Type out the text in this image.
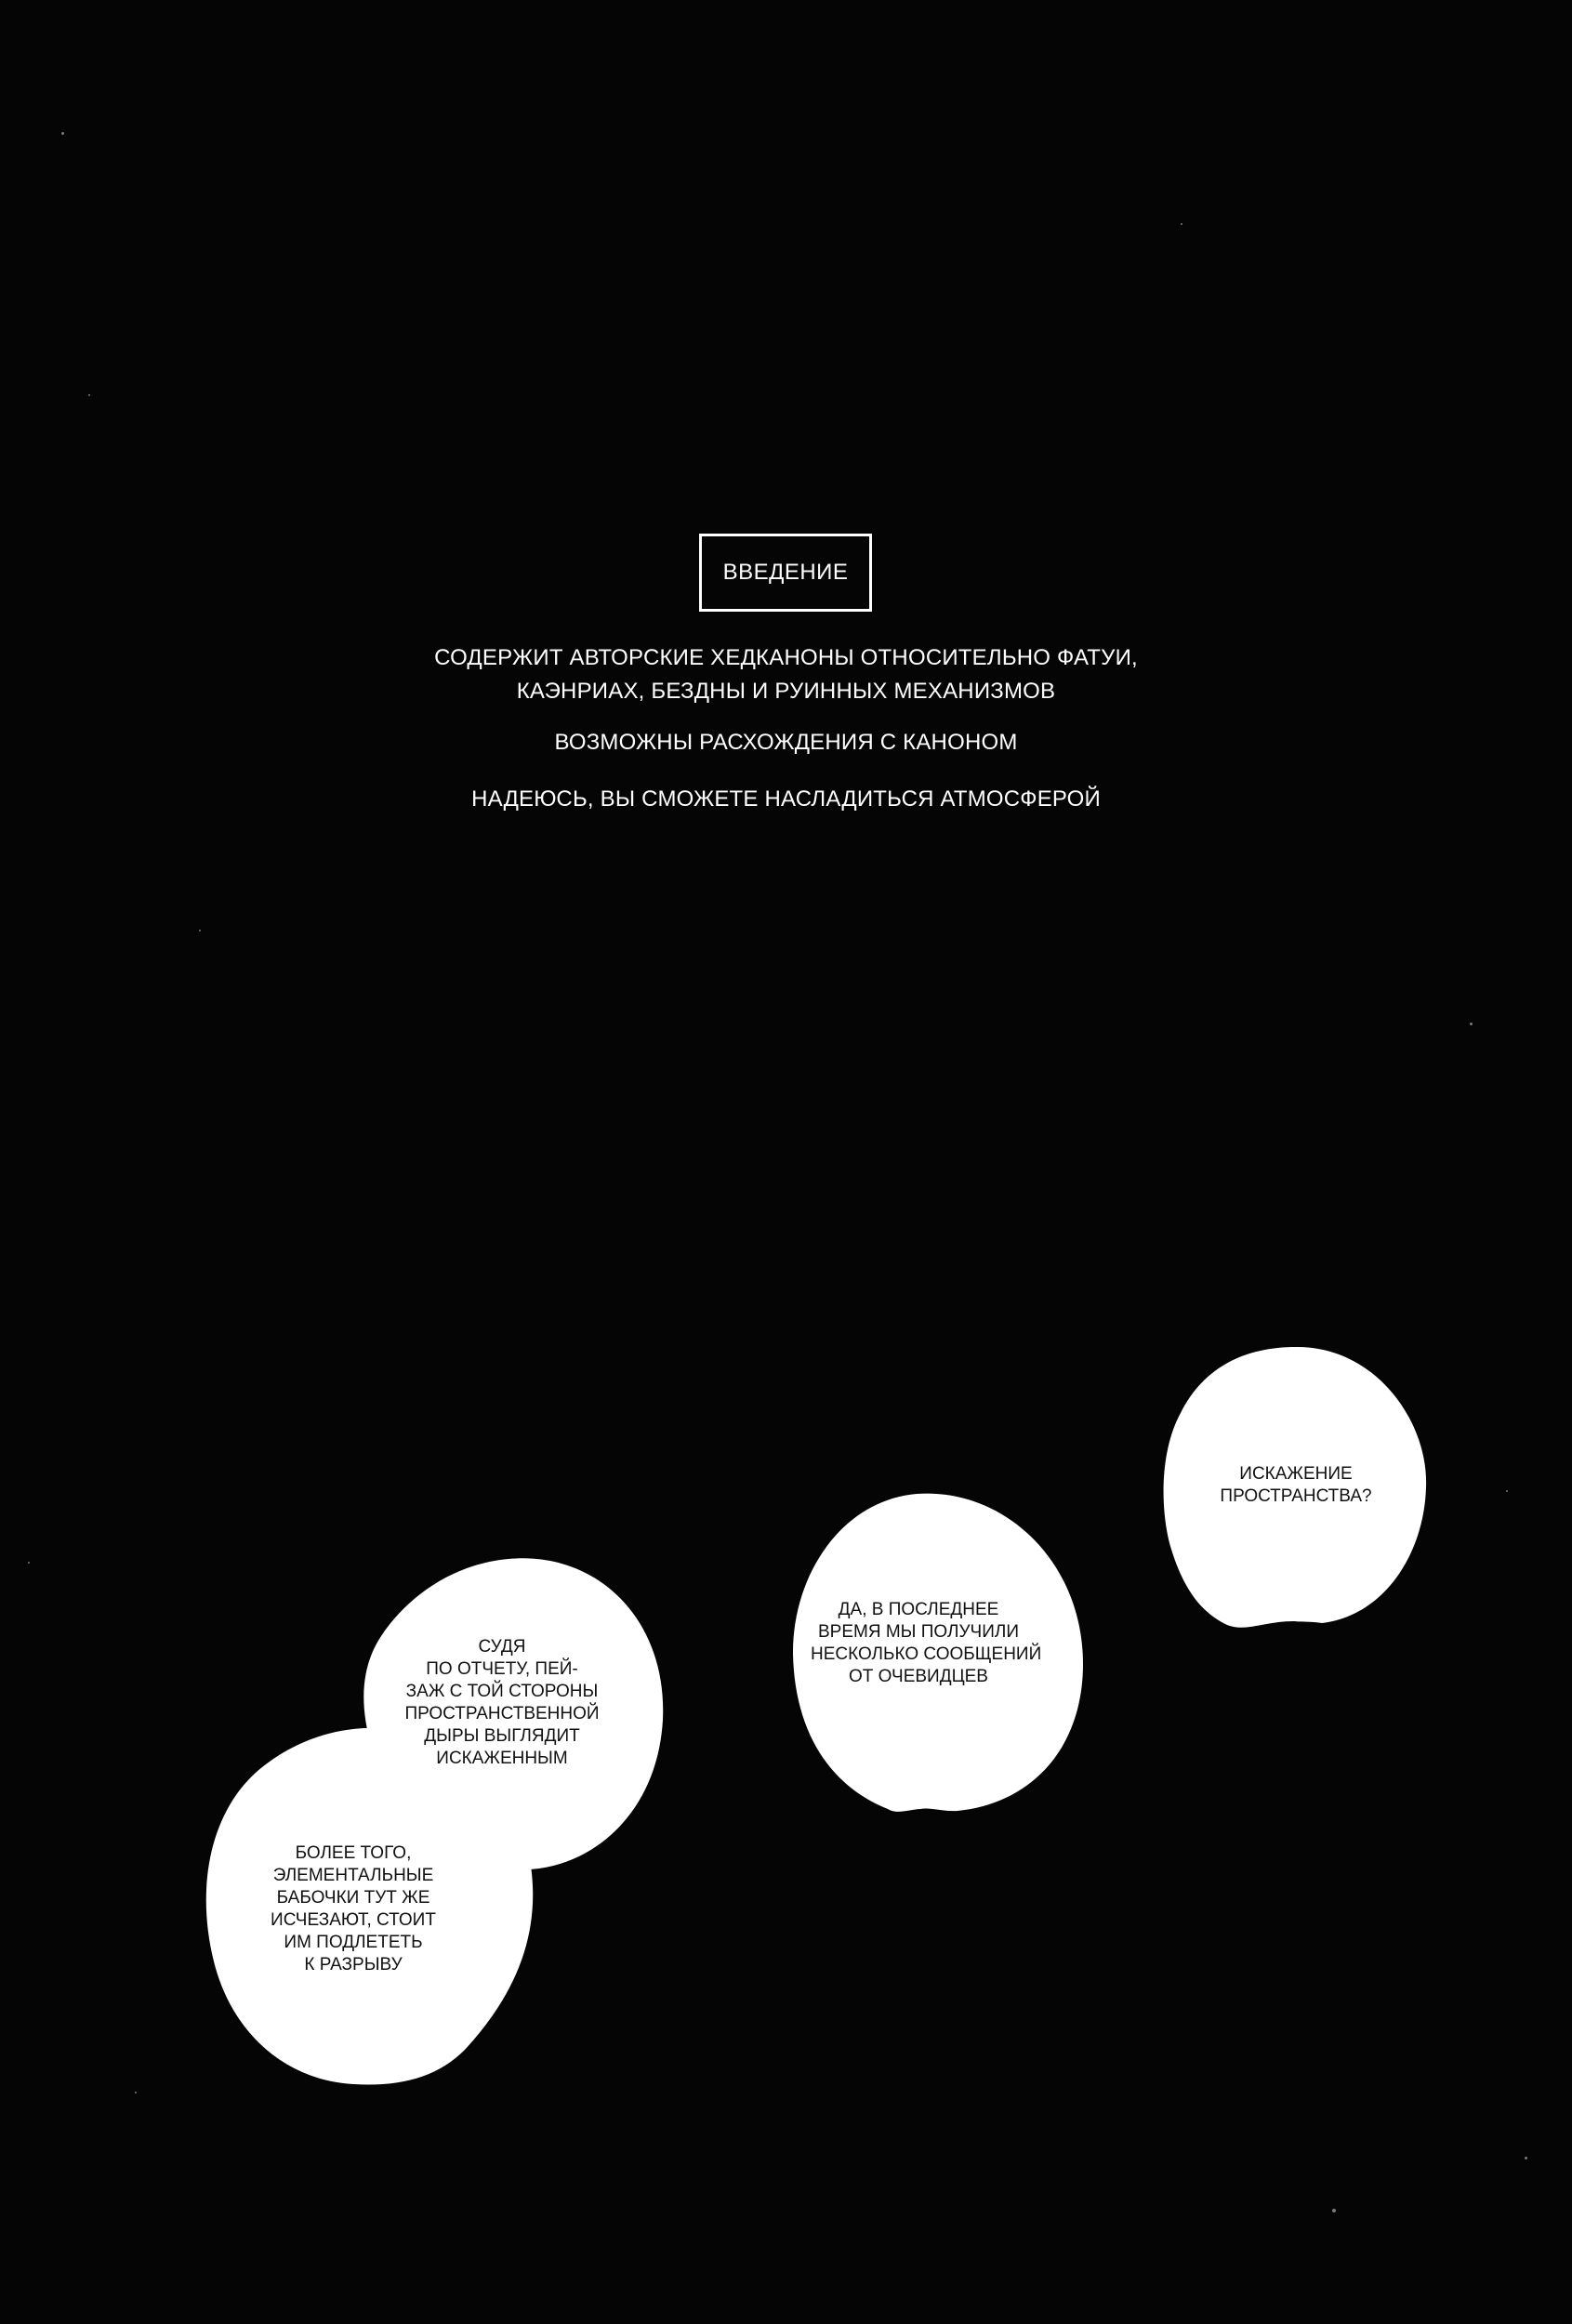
ВВЕДЕНИЕ
СОДЕРЖИТ АВТОРСКИЕ ХЕДКАНОНЫ ОТНОСИТЕЛЬНО ФАТУИ,
КАЭНРИАХ, БЕЗДНЫ И РУИННЫХ МЕХАНИЗМОВ
ВОЗМОЖНЫ РАСХОЖДЕНИЯ С КАНОНОМ
НАДЕЮСЬ, ВЫ СМОЖЕТЕ НАСЛАДИТЬСЯ АТМОСФЕРОЙ
ИСКАЖЕНИЕ
ПРОСТРАНСТВА?
ДА, В ПОСЛЕДНЕЕ
ВРЕМЯ МЫ ПОЛУЧИЛИ
НЕСКОЛЬКО СООБЩЕНИЙ
ОТ ОЧЕВИДЦЕВ
СУДЯ
ПО ОТЧЕТУ, ПЕЙ-
ЗАЖ С ТОЙ СТОРОНЫ
ПРОСТРАНСТВЕННОЙ
ДЫРЫ ВЫГЛЯДИТ
ИСКАЖЕННЫМ
БОЛЕЕ ТОГО,
ЭЛЕМЕНТАЛЬНЫЕ
БАБОЧКИ ТУТ ЖЕ
ИСЧЕЗАЮТ, СТОИТ
ИМ ПОДЛЕТЕТЬ
К РАЗРЫВУ
